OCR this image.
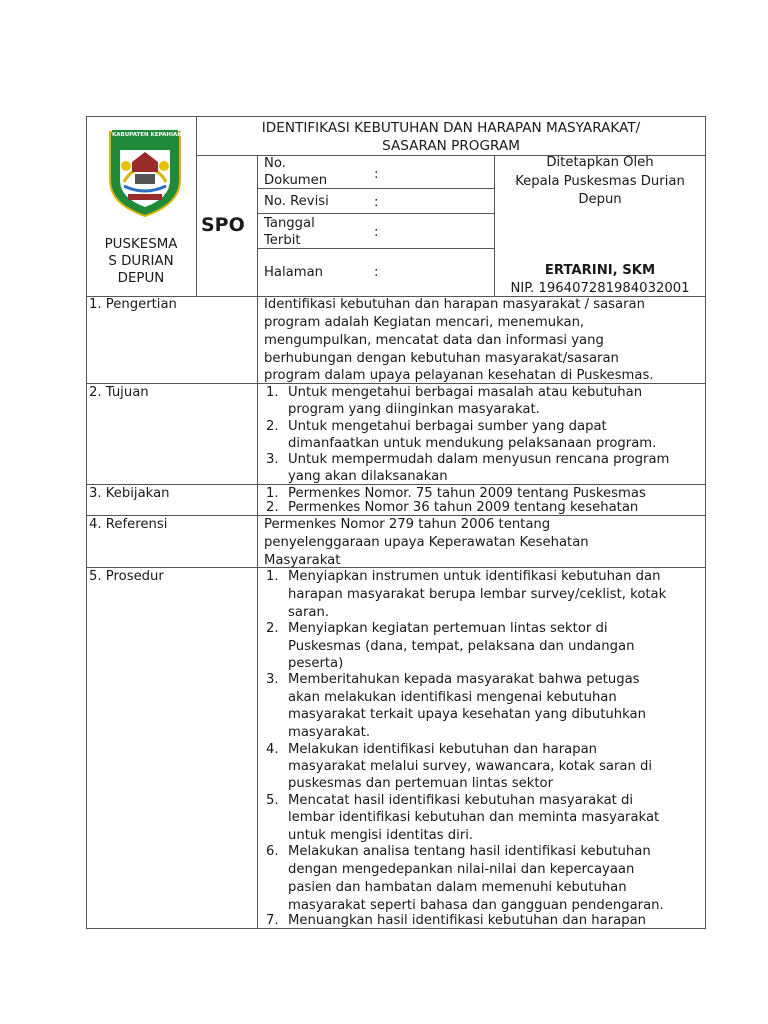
KABUPATEN KEPAHIANG
PUSKESMA
S DURIAN
DEPUN
IDENTIFIKASI KEBUTUHAN DAN HARAPAN MASYARAKAT/
SASARAN PROGRAM
SPO
No.
Dokumen	:
No. Revisi	:
Tanggal
Terbit
:
Halaman	:
Ditetapkan Oleh
Kepala Puskesmas Durian
Depun
ERTARINI, SKM
NIP. 196407281984032001
1. Pengertian	Identifikasi kebutuhan dan harapan masyarakat / sasaran
program adalah Kegiatan mencari, menemukan,
mengumpulkan, mencatat data dan informasi yang
berhubungan dengan kebutuhan masyarakat/sasaran
program dalam upaya pelayanan kesehatan di Puskesmas.
2. Tujuan	1. Untuk mengetahui berbagai masalah atau kebutuhan
program yang diinginkan masyarakat.
2. Untuk mengetahui berbagai sumber yang dapat
dimanfaatkan untuk mendukung pelaksanaan program.
3. Untuk mempermudah dalam menyusun rencana program
yang akan dilaksanakan
3. Kebijakan	1. Permenkes Nomor. 75 tahun 2009 tentang Puskesmas
2. Permenkes Nomor 36 tahun 2009 tentang kesehatan
4. Referensi	Permenkes Nomor 279 tahun 2006 tentang
penyelenggaraan upaya Keperawatan Kesehatan
Masyarakat
5. Prosedur	1. Menyiapkan instrumen untuk identifikasi kebutuhan dan
harapan masyarakat berupa lembar survey/ceklist, kotak
saran.
2. Menyiapkan kegiatan pertemuan lintas sektor di
Puskesmas (dana, tempat, pelaksana dan undangan
peserta)
3. Memberitahukan kepada masyarakat bahwa petugas
akan melakukan identifikasi mengenai kebutuhan
masyarakat terkait upaya kesehatan yang dibutuhkan
masyarakat.
4. Melakukan identifikasi kebutuhan dan harapan
masyarakat melalui survey, wawancara, kotak saran di
puskesmas dan pertemuan lintas sektor
5. Mencatat hasil identifikasi kebutuhan masyarakat di
lembar identifikasi kebutuhan dan meminta masyarakat
untuk mengisi identitas diri.
6. Melakukan analisa tentang hasil identifikasi kebutuhan
dengan mengedepankan nilai-nilai dan kepercayaan
pasien dan hambatan dalam memenuhi kebutuhan
masyarakat seperti bahasa dan gangguan pendengaran.
7. Menuangkan hasil identifikasi kebutuhan dan harapan
